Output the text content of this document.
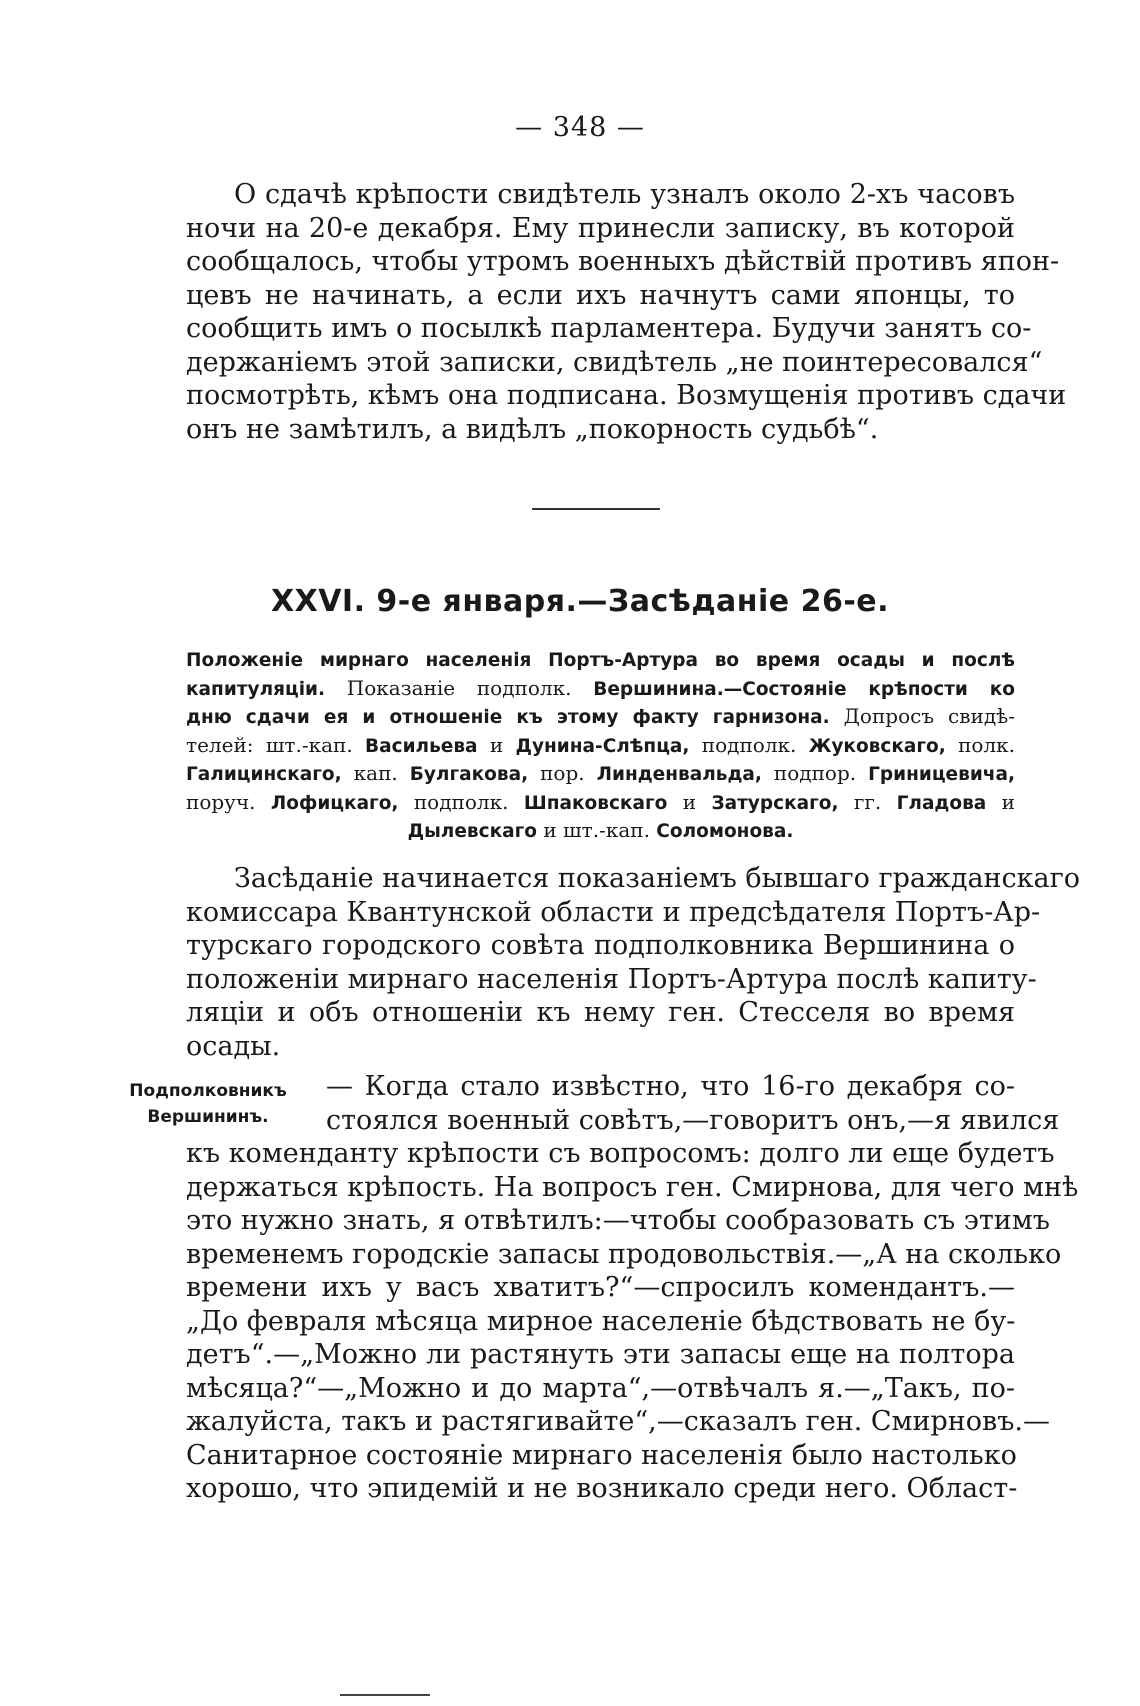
— 348 —
О сдачѣ крѣпости свидѣтель узналъ около 2-хъ часовъ
ночи на 20-е декабря. Ему принесли записку, въ которой
сообщалось, чтобы утромъ военныхъ дѣйствій противъ япон-
цевъ не начинать, а если ихъ начнутъ сами японцы, то
сообщить имъ о посылкѣ парламентера. Будучи занятъ со-
держаніемъ этой записки, свидѣтель „не поинтересовался“
посмотрѣть, кѣмъ она подписана. Возмущенія противъ сдачи
онъ не замѣтилъ, а видѣлъ „покорность судьбѣ“.
XXVI. 9-е января.—Засѣданіе 26-е.
Положеніе мирнаго населенія Портъ-Артура во время осады и послѣ
капитуляціи. Показаніе подполк. Вершинина.—Состояніе крѣпости ко
дню сдачи ея и отношеніе къ этому факту гарнизона. Допросъ свидѣ-
телей: шт.-кап. Васильева и Дунина-Слѣпца, подполк. Жуковскаго, полк.
Галицинскаго, кап. Булгакова, пор. Линденвальда, подпор. Гриницевича,
поруч. Лофицкаго, подполк. Шпаковскаго и Затурскаго, гг. Гладова и
Дылевскаго и шт.-кап. Соломонова.
Засѣданіе начинается показаніемъ бывшаго гражданскаго
комиссара Квантунской области и предсѣдателя Портъ-Ар-
турскаго городского совѣта подполковника Вершинина о
положеніи мирнаго населенія Портъ-Артура послѣ капиту-
ляціи и объ отношеніи къ нему ген. Стесселя во время
осады.
Подполковникъ
Вершининъ.
— Когда стало извѣстно, что 16-го декабря со-
стоялся военный совѣтъ,—говоритъ онъ,—я явился
къ коменданту крѣпости съ вопросомъ: долго ли еще будетъ
держаться крѣпость. На вопросъ ген. Смирнова, для чего мнѣ
это нужно знать, я отвѣтилъ:—чтобы сообразовать съ этимъ
временемъ городскіе запасы продовольствія.—„А на сколько
времени ихъ у васъ хватитъ?“—спросилъ комендантъ.—
„До февраля мѣсяца мирное населеніе бѣдствовать не бу-
детъ“.—„Можно ли растянуть эти запасы еще на полтора
мѣсяца?“—„Можно и до марта“,—отвѣчалъ я.—„Такъ, по-
жалуйста, такъ и растягивайте“,—сказалъ ген. Смирновъ.—
Санитарное состояніе мирнаго населенія было настолько
хорошо, что эпидемій и не возникало среди него. Област-
